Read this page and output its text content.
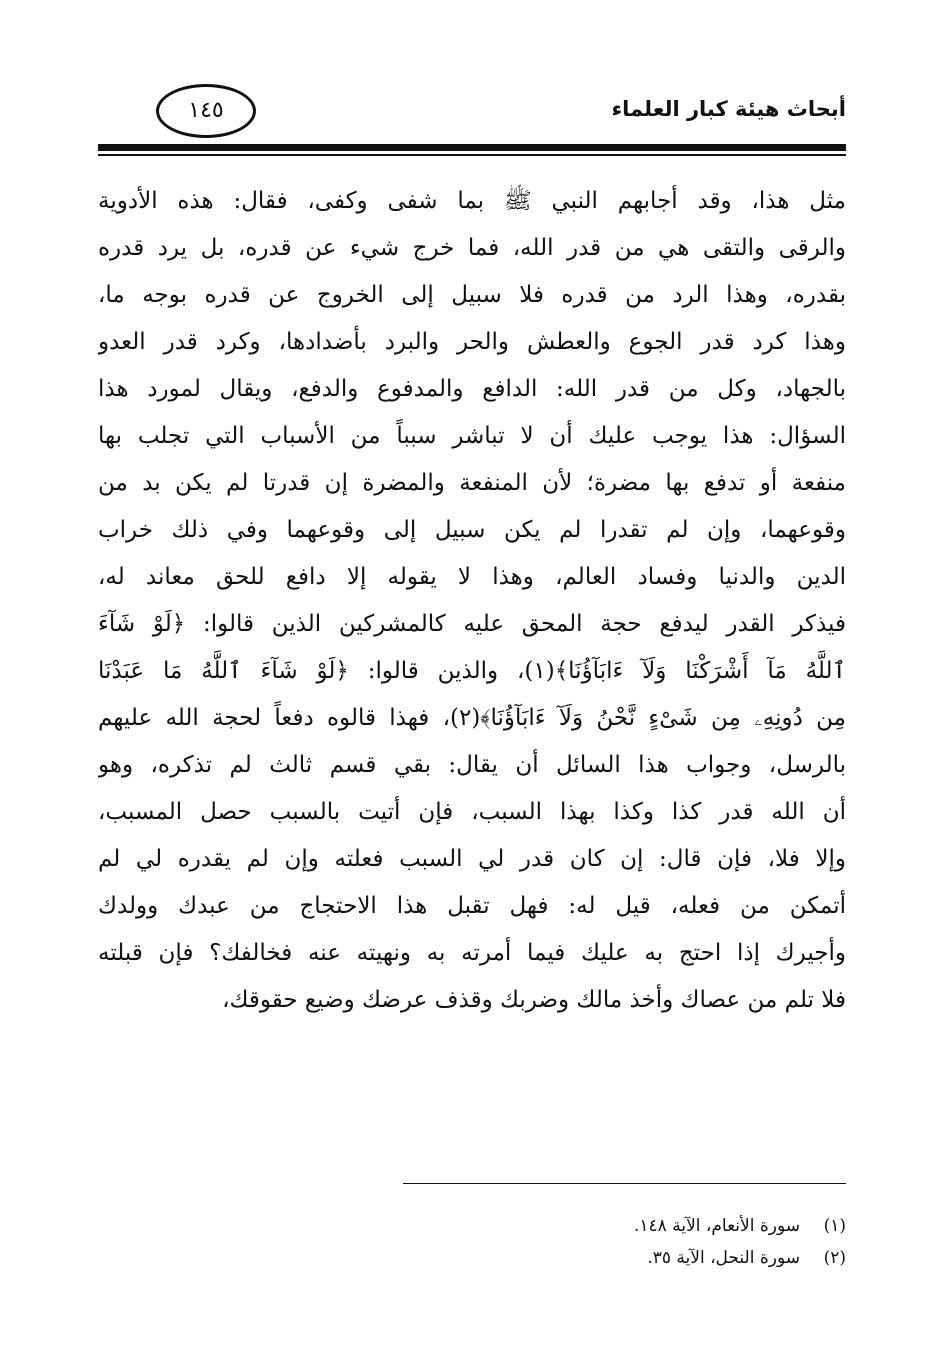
أبحاث هيئة كبار العلماء
١٤٥
مثل هذا، وقد أجابهم النبي ﷺ بما شفى وكفى، فقال: هذه الأدوية
والرقى والتقى هي من قدر الله، فما خرج شيء عن قدره، بل يرد قدره
بقدره، وهذا الرد من قدره فلا سبيل إلى الخروج عن قدره بوجه ما،
وهذا كرد قدر الجوع والعطش والحر والبرد بأضدادها، وكرد قدر العدو
بالجهاد، وكل من قدر الله: الدافع والمدفوع والدفع، ويقال لمورد هذا
السؤال: هذا يوجب عليك أن لا تباشر سبباً من الأسباب التي تجلب بها
منفعة أو تدفع بها مضرة؛ لأن المنفعة والمضرة إن قدرتا لم يكن بد من
وقوعهما، وإن لم تقدرا لم يكن سبيل إلى وقوعهما وفي ذلك خراب
الدين والدنيا وفساد العالم، وهذا لا يقوله إلا دافع للحق معاند له،
فيذكر القدر ليدفع حجة المحق عليه كالمشركين الذين قالوا: ﴿لَوْ شَآءَ
ٱللَّهُ مَآ أَشْرَكْنَا وَلَآ ءَابَآؤُنَا﴾(١)، والذين قالوا: ﴿لَوْ شَآءَ ٱللَّهُ مَا عَبَدْنَا
مِن دُونِهِۦ مِن شَىْءٍ نَّحْنُ وَلَآ ءَابَآؤُنَا﴾(٢)، فهذا قالوه دفعاً لحجة الله عليهم
بالرسل، وجواب هذا السائل أن يقال: بقي قسم ثالث لم تذكره، وهو
أن الله قدر كذا وكذا بهذا السبب، فإن أتيت بالسبب حصل المسبب،
وإلا فلا، فإن قال: إن كان قدر لي السبب فعلته وإن لم يقدره لي لم
أتمكن من فعله، قيل له: فهل تقبل هذا الاحتجاج من عبدك وولدك
وأجيرك إذا احتج به عليك فيما أمرته به ونهيته عنه فخالفك؟ فإن قبلته
فلا تلم من عصاك وأخذ مالك وضربك وقذف عرضك وضيع حقوقك،
(١)سورة الأنعام، الآية ١٤٨.
(٢)سورة النحل، الآية ٣٥.
